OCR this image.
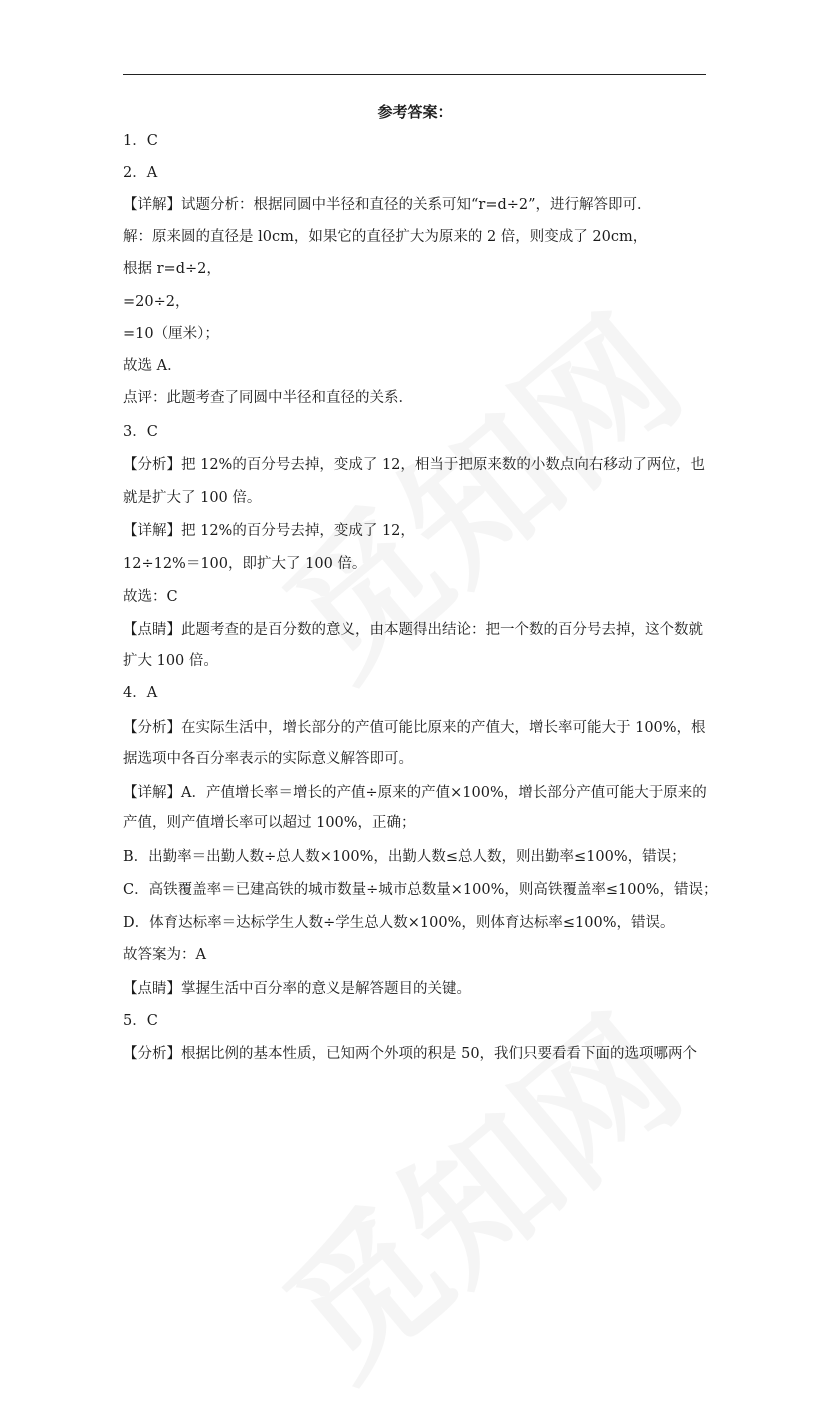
参考答案：
1．C
2．A
【详解】试题分析：根据同圆中半径和直径的关系可知“r=d÷2”，进行解答即可．
解：原来圆的直径是 l0cm，如果它的直径扩大为原来的 2 倍，则变成了 20cm，
根据 r=d÷2，
=20÷2，
=10（厘米）；
故选 A．
点评：此题考查了同圆中半径和直径的关系．
3．C
【分析】把 12%的百分号去掉，变成了 12，相当于把原来数的小数点向右移动了两位，也
就是扩大了 100 倍。
【详解】把 12%的百分号去掉，变成了 12，
12÷12%＝100，即扩大了 100 倍。
故选：C
【点睛】此题考查的是百分数的意义，由本题得出结论：把一个数的百分号去掉，这个数就
扩大 100 倍。
4．A
【分析】在实际生活中，增长部分的产值可能比原来的产值大，增长率可能大于 100%，根
据选项中各百分率表示的实际意义解答即可。
【详解】A．产值增长率＝增长的产值÷原来的产值×100%，增长部分产值可能大于原来的
产值，则产值增长率可以超过 100%，正确；
B．出勤率＝出勤人数÷总人数×100%，出勤人数≤总人数，则出勤率≤100%，错误；
C．高铁覆盖率＝已建高铁的城市数量÷城市总数量×100%，则高铁覆盖率≤100%，错误；
D．体育达标率＝达标学生人数÷学生总人数×100%，则体育达标率≤100%，错误。
故答案为：A
【点睛】掌握生活中百分率的意义是解答题目的关键。
5．C
【分析】根据比例的基本性质，已知两个外项的积是 50，我们只要看看下面的选项哪两个
